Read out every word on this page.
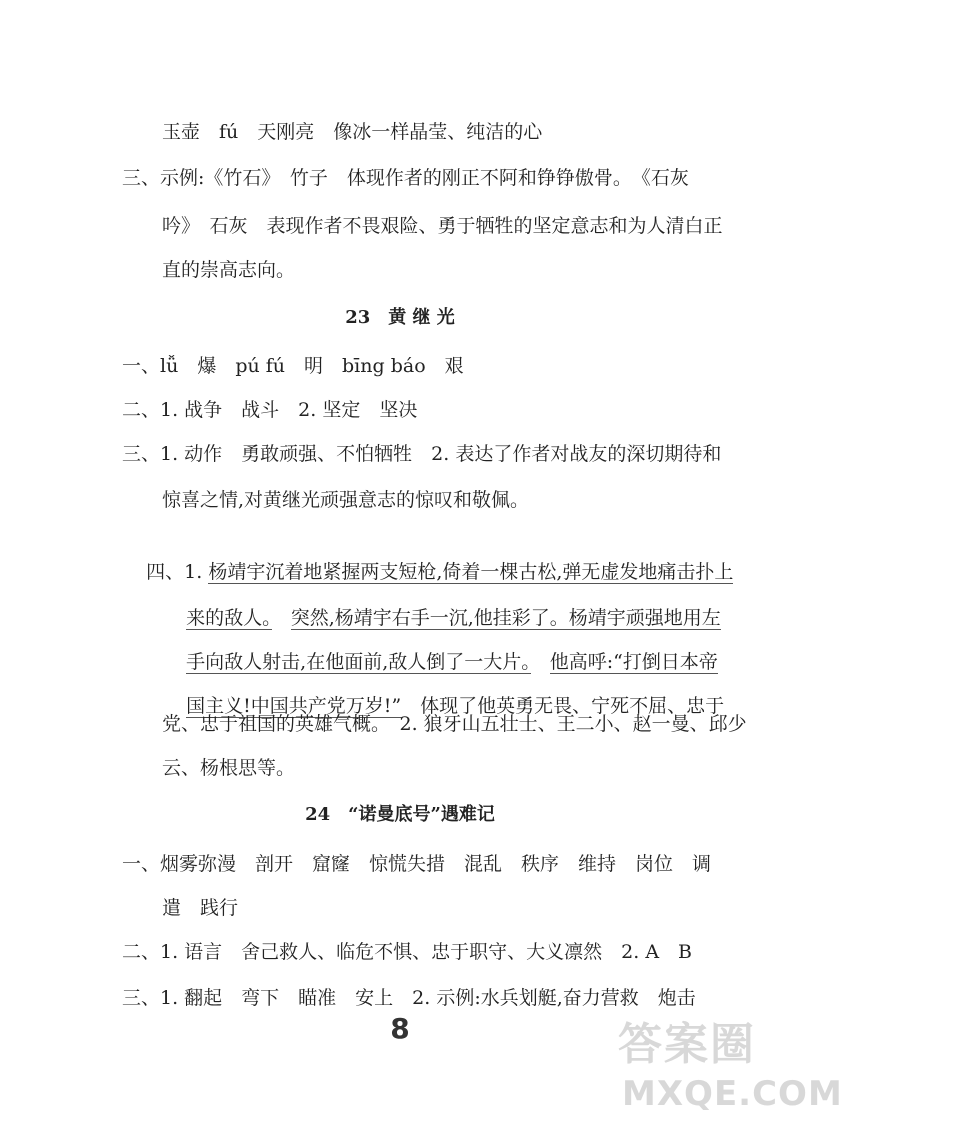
玉壶　fú　天刚亮　像冰一样晶莹、纯洁的心
三、示例:《竹石》　竹子　体现作者的刚正不阿和铮铮傲骨。　《石灰
吟》　石灰　表现作者不畏艰险、勇于牺牲的坚定意志和为人清白正
直的崇高志向。
23　黄 继 光
一、lǚ　爆　pú fú　明　bīng báo　艰
二、1. 战争　战斗　2. 坚定　坚决
三、1. 动作　勇敢顽强、不怕牺牲　2. 表达了作者对战友的深切期待和
惊喜之情,对黄继光顽强意志的惊叹和敬佩。

四、1. 杨靖宇沉着地紧握两支短枪,倚着一棵古松,弹无虚发地痛击扑上

来的敌人。　 突然,杨靖宇右手一沉,他挂彩了。杨靖宇顽强地用左

手向敌人射击,在他面前,敌人倒了一大片。　 他高呼:“打倒日本帝

国主义!中国共产党万岁!”　体现了他英勇无畏、宁死不屈、忠于

党、忠于祖国的英雄气概。　2. 狼牙山五壮士、王二小、赵一曼、邱少
云、杨根思等。
24　“诺曼底号”遇难记
一、烟雾弥漫　剖开　窟窿　惊慌失措　混乱　秩序　维持　岗位　调
遣　践行
二、1. 语言　舍己救人、临危不惧、忠于职守、大义凛然　2. A　B
三、1. 翻起　弯下　瞄准　安上　2. 示例:水兵划艇,奋力营救　炮击
8	答案圈
MXQE.COM
